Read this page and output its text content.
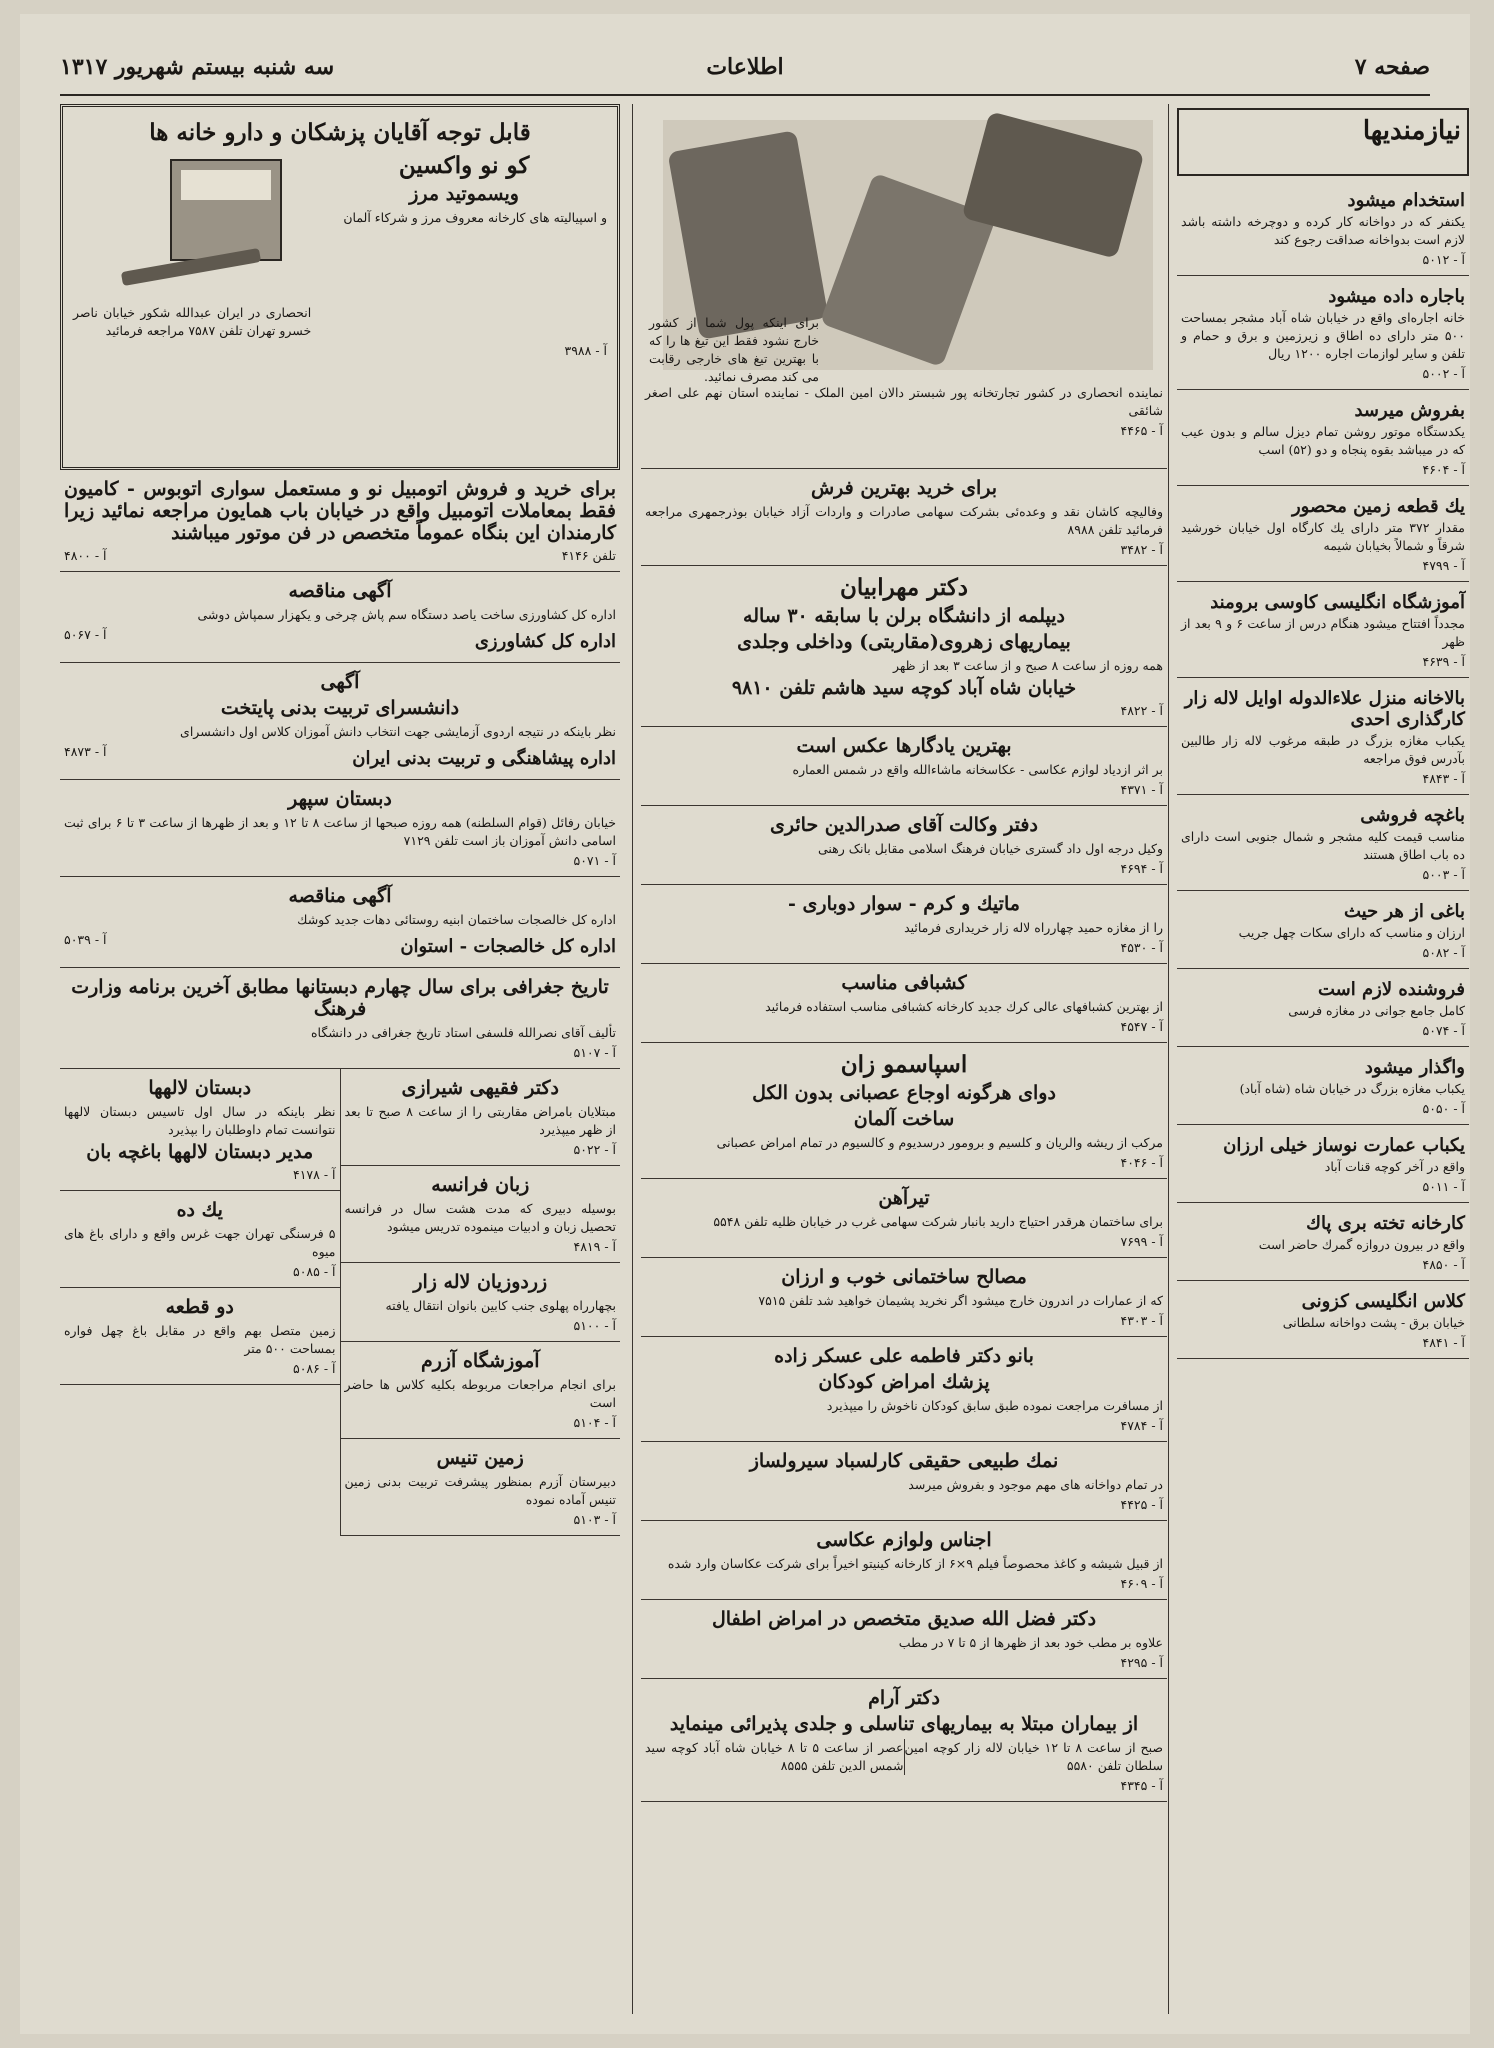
صفحه ۷
اطلاعات
سه شنبه بیستم شهریور ۱۳۱۷
نیازمندیها
استخدام میشود
یکنفر که در دواخانه کار کرده و دوچرخه داشته باشد لازم است بدواخانه صداقت رجوع کند
آ - ۵۰۱۲
باجاره داده میشود
خانه اجاره‌ای واقع در خیابان شاه آباد مشجر بمساحت ۵۰۰ متر دارای ده اطاق و زیرزمین و برق و حمام و تلفن و سایر لوازمات اجاره ۱۲۰۰ ریال
آ - ۵۰۰۲
بفروش میرسد
یکدستگاه موتور روشن تمام دیزل سالم و بدون عیب که در میباشد بقوه پنجاه و دو (۵۲) اسب
آ - ۴۶۰۴
یك قطعه زمین محصور
مقدار ۳۷۲ متر دارای یك کارگاه اول خیابان خورشید شرقاً و شمالاً بخیابان شیمه
آ - ۴۷۹۹
آموزشگاه انگلیسی کاوسی برومند
مجدداً افتتاح میشود هنگام درس از ساعت ۶ و ۹ بعد از ظهر
آ - ۴۶۳۹
بالاخانه منزل علاءالدوله اوایل لاله زار کارگذاری احدی
یکباب مغازه بزرگ در طبقه مرغوب لاله زار طالبین بآدرس فوق مراجعه
آ - ۴۸۴۳
باغچه فروشی
مناسب قیمت کلیه مشجر و شمال جنوبی است دارای ده باب اطاق هستند
آ - ۵۰۰۳
باغی از هر حیث
ارزان و مناسب که دارای سکات چهل جریب
آ - ۵۰۸۲
فروشنده لازم است
کامل جامع جوانی در مغازه فرسی
آ - ۵۰۷۴
واگذار میشود
یکباب مغازه بزرگ در خیابان شاه (شاه آباد)
آ - ۵۰۵۰
یکباب عمارت نوساز خیلی ارزان
واقع در آخر کوچه قنات آباد
آ - ۵۰۱۱
کارخانه تخته بری پاك
واقع در بیرون دروازه گمرك حاضر است
آ - ۴۸۵۰
کلاس انگلیسی کزونی
خیابان برق - پشت دواخانه سلطانی
آ - ۴۸۴۱
برای اینکه پول شما از کشور خارج نشود فقط این تیغ ها را که با بهترین تیغ های خارجی رقابت می کند مصرف نمائید.
نماینده انحصاری در کشور تجارتخانه پور شبستر دالان امین الملک - نماینده استان نهم علی اصغر شائقی
آ - ۴۴۶۵
برای خرید بهترین فرش
وفالیچه کاشان نقد و وعده‌ئی بشرکت سهامی صادرات و واردات آزاد خیابان بوذرجمهری مراجعه فرمائید تلفن ۸۹۸۸
آ - ۳۴۸۲
دکتر مهرابیان
دیپلمه از دانشگاه برلن با سابقه ۳۰ ساله
بیماریهای زهروی(مقاربتی) وداخلی وجلدی
همه روزه از ساعت ۸ صبح و از ساعت ۳ بعد از ظهر
خیابان شاه آباد کوچه سید هاشم تلفن ۹۸۱۰
آ - ۴۸۲۲
بهترین یادگارها عکس است
بر اثر ازدیاد لوازم عکاسی - عکاسخانه ماشاءالله واقع در شمس العماره
آ - ۴۳۷۱
دفتر وکالت آقای صدرالدین حائری
وکیل درجه اول داد گستری خیابان فرهنگ اسلامی مقابل بانک رهنی
آ - ۴۶۹۴
ماتیك و کرم - سوار دوباری -
را از مغازه حمید چهارراه لاله زار خریداری فرمائید
آ - ۴۵۳۰
کشبافی مناسب
از بهترین کشبافهای عالی کرك جدید کارخانه کشبافی مناسب استفاده فرمائید
آ - ۴۵۴۷
اسپاسمو زان
دوای هرگونه اوجاع عصبانی بدون الکل
ساخت آلمان
مرکب از ریشه والریان و کلسیم و برومور درسدیوم و کالسیوم در تمام امراض عصبانی
آ - ۴۰۴۶
تیرآهن
برای ساختمان هرقدر احتیاج دارید بانبار شرکت سهامی غرب در خیابان ظلیه تلفن ۵۵۴۸
آ - ۷۶۹۹
مصالح ساختمانی خوب و ارزان
که از عمارات در اندرون خارج میشود اگر نخرید پشیمان خواهید شد تلفن ۷۵۱۵
آ - ۴۳۰۳
بانو دکتر فاطمه علی عسکر زاده
پزشك امراض کودکان
از مسافرت مراجعت نموده طبق سابق کودکان ناخوش را میپذیرد
آ - ۴۷۸۴
نمك طبیعی حقیقی کارلسباد سیرولساز
در تمام دواخانه های مهم موجود و بفروش میرسد
آ - ۴۴۲۵
اجناس ولوازم عکاسی
از قبیل شیشه و کاغذ محصوصاً فیلم ۹×۶ از کارخانه کینیتو اخیراً برای شرکت عکاسان وارد شده
آ - ۴۶۰۹
دکتر فضل الله صدیق متخصص در امراض اطفال
علاوه بر مطب خود بعد از ظهرها از ۵ تا ۷ در مطب
آ - ۴۲۹۵
دکتر آرام
از بیماران مبتلا به بیماریهای تناسلی و جلدی پذیرائی مینماید
صبح از ساعت ۸ تا ۱۲ خیابان لاله زار کوچه امین سلطان تلفن ۵۵۸۰
عصر از ساعت ۵ تا ۸ خیابان شاه آباد کوچه سید شمس الدین تلفن ۸۵۵۵
آ - ۴۳۴۵
قابل توجه آقایان پزشکان و دارو خانه ها
کو نو واکسین
ویسموتید مرز
و اسپیالیته های کارخانه معروف مرز و شرکاء آلمان
انحصاری در ایران عبدالله شکور خیابان ناصر خسرو تهران تلفن ۷۵۸۷ مراجعه فرمائید
آ - ۳۹۸۸
برای خرید و فروش اتومبیل نو و مستعمل سواری اتوبوس - کامیون فقط بمعاملات اتومبیل واقع در خیابان باب همایون مراجعه نمائید زیرا کارمندان این بنگاه عموماً متخصص در فن موتور میباشند
تلفن ۴۱۴۶
آ - ۴۸۰۰
آگهی مناقصه
اداره کل کشاورزی ساخت یاصد دستگاه سم پاش چرخی و یکهزار سمپاش دوشی
اداره کل کشاورزی
آ - ۵۰۶۷
آگهی
دانشسرای تربیت بدنی پایتخت
نظر باینکه در نتیجه اردوی آزمایشی جهت انتخاب دانش آموزان کلاس اول دانشسرای
اداره پیشاهنگی و تربیت بدنی ایران
آ - ۴۸۷۳
دبستان سپهر
خیابان رفائل (قوام السلطنه) همه روزه صبحها از ساعت ۸ تا ۱۲ و بعد از ظهرها از ساعت ۳ تا ۶ برای ثبت اسامی دانش آموزان باز است تلفن ۷۱۲۹
آ - ۵۰۷۱
آگهی مناقصه
اداره کل خالصجات ساختمان ابنیه روستائی دهات جدید کوشك
اداره کل خالصجات - استوان
آ - ۵۰۳۹
تاریخ جغرافی برای سال چهارم دبستانها مطابق آخرین برنامه وزارت فرهنگ
تألیف آقای نصرالله فلسفی استاد تاریخ جغرافی در دانشگاه
آ - ۵۱۰۷
دکتر فقیهی شیرازی
مبتلایان بامراض مقاربتی را از ساعت ۸ صبح تا بعد از ظهر میپذیرد
آ - ۵۰۲۲
زبان فرانسه
بوسیله دبیری که مدت هشت سال در فرانسه تحصیل زبان و ادبیات مینموده تدریس میشود
آ - ۴۸۱۹
زردوزیان لاله زار
بچهارراه پهلوی جنب کابین بانوان انتقال یافته
آ - ۵۱۰۰
آموزشگاه آزرم
برای انجام مراجعات مربوطه بکلیه کلاس ها حاضر است
آ - ۵۱۰۴
زمین تنیس
دبیرستان آزرم بمنظور پیشرفت تربیت بدنی زمین تنیس آماده نموده
آ - ۵۱۰۳
دبستان لالهها
نظر باینکه در سال اول تاسیس دبستان لالهها نتوانست تمام داوطلبان را بپذیرد
مدیر دبستان لالهها باغچه بان
آ - ۴۱۷۸
یك ده
۵ فرسنگی تهران جهت غرس واقع و دارای باغ های میوه
آ - ۵۰۸۵
دو قطعه
زمین متصل بهم واقع در مقابل باغ چهل فواره بمساحت ۵۰۰ متر
آ - ۵۰۸۶
